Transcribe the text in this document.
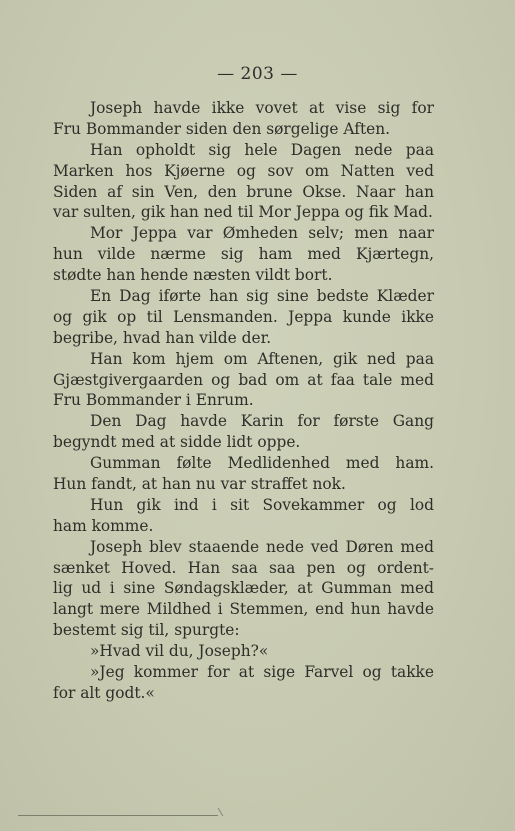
— 203 —
Joseph havde ikke vovet at vise sig for
Fru Bommander siden den sørgelige Aften.
Han opholdt sig hele Dagen nede paa
Marken hos Kjøerne og sov om Natten ved
Siden af sin Ven, den brune Okse. Naar han
var sulten, gik han ned til Mor Jeppa og fik Mad.
Mor Jeppa var Ømheden selv; men naar
hun vilde nærme sig ham med Kjærtegn,
stødte han hende næsten vildt bort.
En Dag iførte han sig sine bedste Klæder
og gik op til Lensmanden. Jeppa kunde ikke
begribe, hvad han vilde der.
Han kom hjem om Aftenen, gik ned paa
Gjæstgivergaarden og bad om at faa tale med
Fru Bommander i Enrum.
Den Dag havde Karin for første Gang
begyndt med at sidde lidt oppe.
Gumman følte Medlidenhed med ham.
Hun fandt, at han nu var straffet nok.
Hun gik ind i sit Sovekammer og lod
ham komme.
Joseph blev staaende nede ved Døren med
sænket Hoved. Han saa saa pen og ordent-
lig ud i sine Søndagsklæder, at Gumman med
langt mere Mildhed i Stemmen, end hun havde
bestemt sig til, spurgte:
»Hvad vil du, Joseph?«
»Jeg kommer for at sige Farvel og takke
for alt godt.«
